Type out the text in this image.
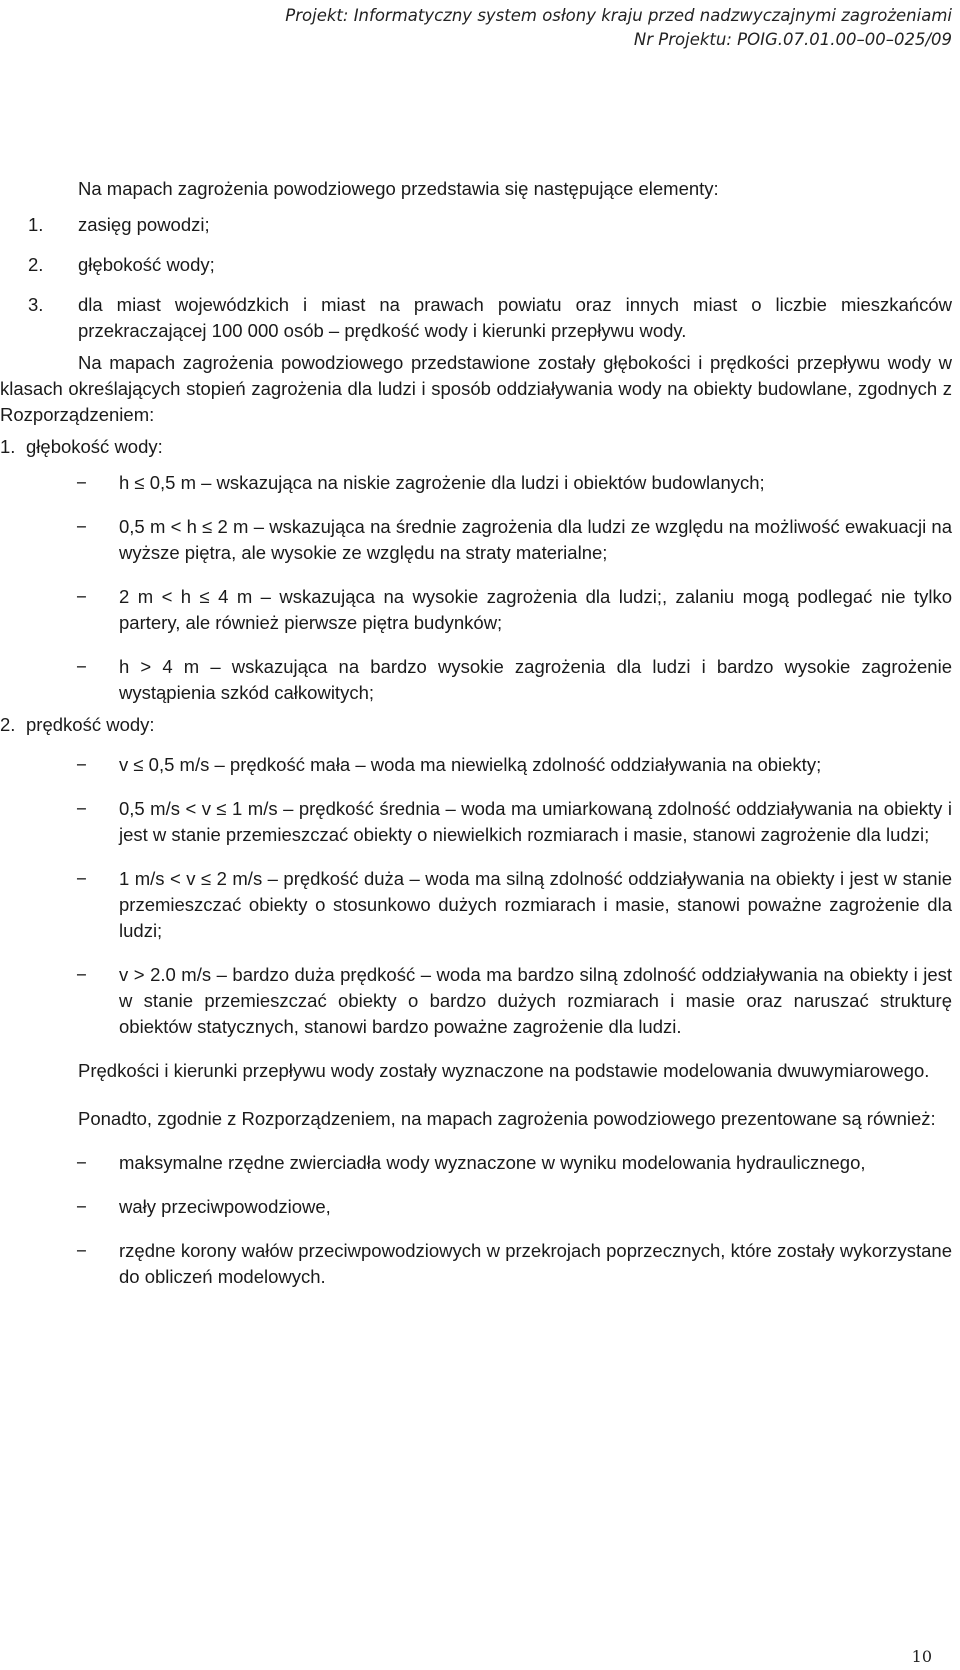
Projekt: Informatyczny system osłony kraju przed nadzwyczajnymi zagrożeniami
Nr Projektu: POIG.07.01.00–00–025/09

Na mapach zagrożenia powodziowego przedstawia się następujące elementy:

1. zasięg powodzi;
2. głębokość wody;
3. dla miast wojewódzkich i miast na prawach powiatu oraz innych miast o liczbie mieszkańców przekraczającej 100 000 osób – prędkość wody i kierunki przepływu wody.

Na mapach zagrożenia powodziowego przedstawione zostały głębokości i prędkości przepływu wody w klasach określających stopień zagrożenia dla ludzi i sposób oddziaływania wody na obiekty budowlane, zgodnych z Rozporządzeniem:

1. głębokość wody:
− h ≤ 0,5 m – wskazująca na niskie zagrożenie dla ludzi i obiektów budowlanych;
− 0,5 m < h ≤ 2 m – wskazująca na średnie zagrożenia dla ludzi ze względu na możliwość ewakuacji na wyższe piętra, ale wysokie ze względu na straty materialne;
− 2 m < h ≤ 4 m – wskazująca na wysokie zagrożenia dla ludzi;, zalaniu mogą podlegać nie tylko partery, ale również pierwsze piętra budynków;
− h > 4 m – wskazująca na bardzo wysokie zagrożenia dla ludzi i bardzo wysokie zagrożenie wystąpienia szkód całkowitych;
2. prędkość wody:
− v ≤ 0,5 m/s – prędkość mała – woda ma niewielką zdolność oddziaływania na obiekty;
− 0,5 m/s < v ≤ 1 m/s – prędkość średnia – woda ma umiarkowaną zdolność oddziaływania na obiekty i jest w stanie przemieszczać obiekty o niewielkich rozmiarach i masie, stanowi zagrożenie dla ludzi;
− 1 m/s < v ≤ 2 m/s – prędkość duża – woda ma silną zdolność oddziaływania na obiekty i jest w stanie przemieszczać obiekty o stosunkowo dużych rozmiarach i masie, stanowi poważne zagrożenie dla ludzi;
− v > 2.0 m/s – bardzo duża prędkość – woda ma bardzo silną zdolność oddziaływania na obiekty i jest w stanie przemieszczać obiekty o bardzo dużych rozmiarach i masie oraz naruszać strukturę obiektów statycznych, stanowi bardzo poważne zagrożenie dla ludzi.

Prędkości i kierunki przepływu wody zostały wyznaczone na podstawie modelowania dwuwymiarowego.

Ponadto, zgodnie z Rozporządzeniem, na mapach zagrożenia powodziowego prezentowane są również:

− maksymalne rzędne zwierciadła wody wyznaczone w wyniku modelowania hydraulicznego,
− wały przeciwpowodziowe,
− rzędne korony wałów przeciwpowodziowych w przekrojach poprzecznych, które zostały wykorzystane do obliczeń modelowych.
10
